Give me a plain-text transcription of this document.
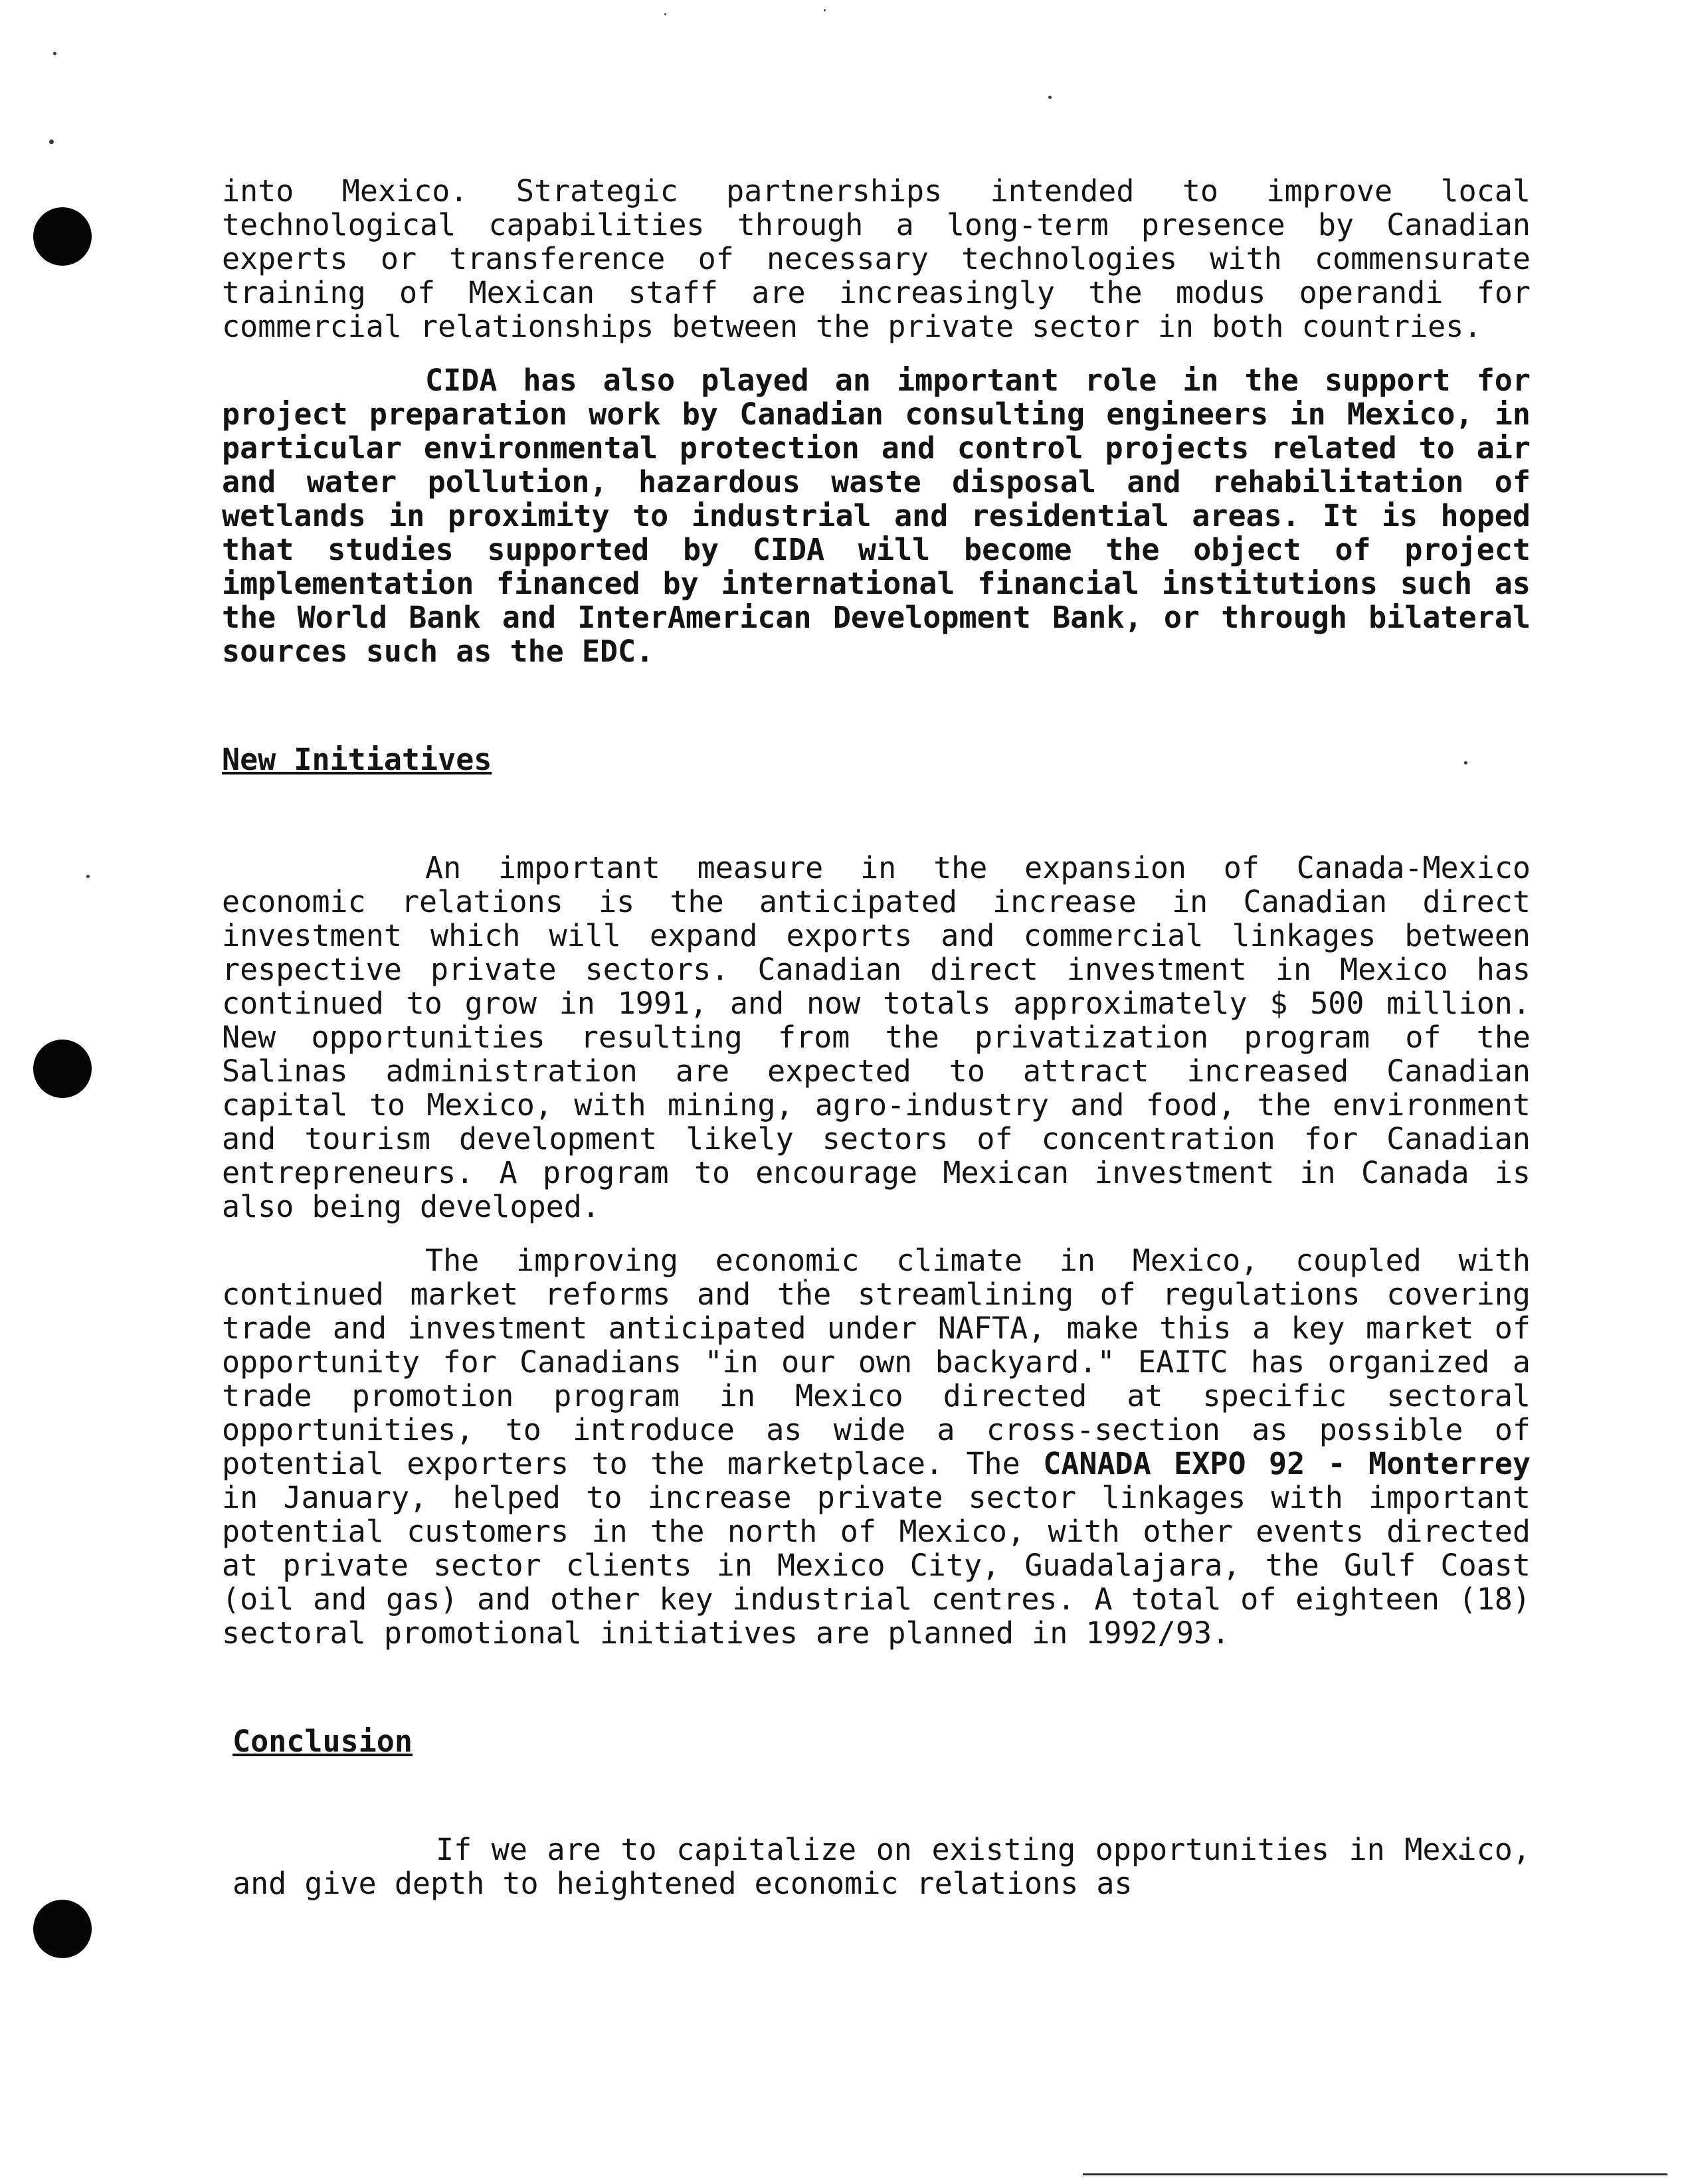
into Mexico. Strategic partnerships intended to improve local technological capabilities through a long-term presence by Canadian experts or transference of necessary technologies with commensurate training of Mexican staff are increasingly the modus operandi for commercial relationships between the private sector in both countries.

CIDA has also played an important role in the support for project preparation work by Canadian consulting engineers in Mexico, in particular environmental protection and control projects related to air and water pollution, hazardous waste disposal and rehabilitation of wetlands in proximity to industrial and residential areas. It is hoped that studies supported by CIDA will become the object of project implementation financed by international financial institutions such as the World Bank and InterAmerican Development Bank, or through bilateral sources such as the EDC.

New Initiatives

An important measure in the expansion of Canada-Mexico economic relations is the anticipated increase in Canadian direct investment which will expand exports and commercial linkages between respective private sectors. Canadian direct investment in Mexico has continued to grow in 1991, and now totals approximately $ 500 million. New opportunities resulting from the privatization program of the Salinas administration are expected to attract increased Canadian capital to Mexico, with mining, agro-industry and food, the environment and tourism development likely sectors of concentration for Canadian entrepreneurs. A program to encourage Mexican investment in Canada is also being developed.

The improving economic climate in Mexico, coupled with continued market reforms and the streamlining of regulations covering trade and investment anticipated under NAFTA, make this a key market of opportunity for Canadians "in our own backyard." EAITC has organized a trade promotion program in Mexico directed at specific sectoral opportunities, to introduce as wide a cross-section as possible of potential exporters to the marketplace. The CANADA EXPO 92 - Monterrey in January, helped to increase private sector linkages with important potential customers in the north of Mexico, with other events directed at private sector clients in Mexico City, Guadalajara, the Gulf Coast (oil and gas) and other key industrial centres. A total of eighteen (18) sectoral promotional initiatives are planned in 1992/93.

Conclusion

If we are to capitalize on existing opportunities in Mexico, and give depth to heightened economic relations as
